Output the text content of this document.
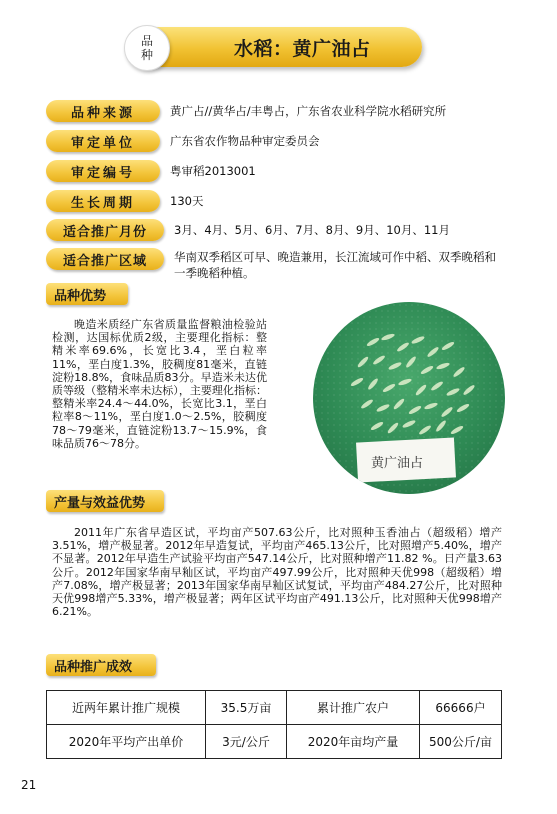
品
种	水稻：黄广油占
品种来源	黄广占//黄华占/丰粤占，广东省农业科学院水稻研究所
审定单位	广东省农作物品种审定委员会
审定编号	粤审稻2013001
生长周期	130天
适合推广月份	3月、4月、5月、6月、7月、8月、9月、10月、11月
适合推广区域	华南双季稻区可早、晚造兼用，长江流域可作中稻、双季晚稻和一季晚稻种植。
品种优势

晚造米质经广东省质量监督粮油检验站检测，达国标优质2级，主要理化指标：整精米率69.6%，长宽比3.4，垩白粒率11%，垩白度1.3%，胶稠度81毫米，直链淀粉18.8%，食味品质83分。早造米未达优质等级（整精米率未达标），主要理化指标：整精米率24.4～44.0%，长宽比3.1，垩白粒率8～11%，垩白度1.0～2.5%，胶稠度78～79毫米，直链淀粉13.7～15.9%，食味品质76～78分。

黄广油占
产量与效益优势

2011年广东省早造区试，平均亩产507.63公斤，比对照种玉香油占（超级稻）增产3.51%，增产极显著。2012年早造复试，平均亩产465.13公斤，比对照增产5.40%，增产不显著。2012年早造生产试验平均亩产547.14公斤，比对照种增产11.82 %。日产量3.63公斤。2012年国家华南早籼区试，平均亩产497.99公斤，比对照种天优998（超级稻）增产7.08%，增产极显著；2013年国家华南早籼区试复试，平均亩产484.27公斤，比对照种天优998增产5.33%，增产极显著；两年区试平均亩产491.13公斤，比对照种天优998增产6.21%。

品种推广成效
近两年累计推广规模	35.5万亩	累计推广农户	66666户
2020年平均产出单价	3元/公斤	2020年亩均产量	500公斤/亩
21
